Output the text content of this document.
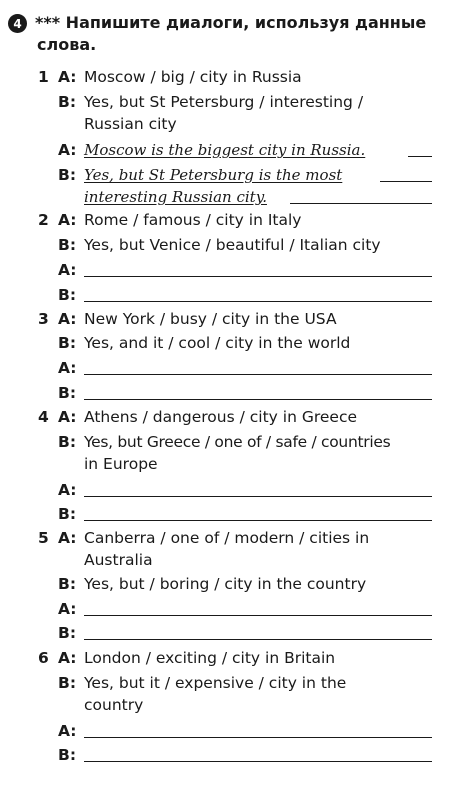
4 *** Напишите диалоги, используя данные
слова.
1 A: Moscow / big / city in Russia
B: Yes, but St Petersburg / interesting /
Russian city
A: Moscow is the biggest city in Russia.
B: Yes, but St Petersburg is the most
interesting Russian city.
2 A: Rome / famous / city in Italy
B: Yes, but Venice / beautiful / Italian city
A:
B:
3 A: New York / busy / city in the USA
B: Yes, and it / cool / city in the world
A:
B:
4 A: Athens / dangerous / city in Greece
B: Yes, but Greece / one of / safe / countries
in Europe
A:
B:
5 A: Canberra / one of / modern / cities in
Australia
B: Yes, but / boring / city in the country
A:
B:
6 A: London / exciting / city in Britain
B: Yes, but it / expensive / city in the
country
A:
B:
